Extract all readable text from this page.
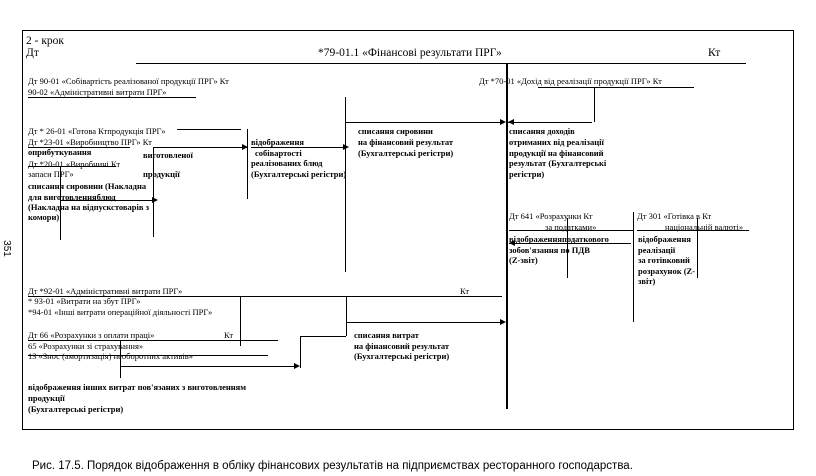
2 - крок
Дт	*79-01.1 «Фінансові результати ПРГ»	Кт
Дт 90-01 «Собівартість реалізованої продукції ПРГ» Кт
90-02 «Адміністративні витрати ПРГ»
Дт *70-01 «Дохід від реалізації продукції ПРГ» Кт
Дт * 26-01 «Готова Ктпродукція ПРГ»
Дт *23-01 «Виробництво ПРГ» Кт
оприбуткування
Дт *20-01 «Виробничі Кт
запаси ПРГ»
виготовленої
продукції
списання сировини (Накладна
для виготовленняблюд
(Накладна на відпускстоварів з
комори)
відображення
собівартості
реалізованих блюд
(Бухгалтерські регістри)
списання сировини
на фінансовий результат
(Бухгалтерські регістри)
списання доходів
отриманих від реалізації
продукції на фінансовий
результат (Бухгалтерські
регістри)
Дт 641 «Розрахунки Кт
за податками»
відображенняподаткового
зобов'язання по ПДВ
(Z-звіт)
Дт 301 «Готівка в Кт
національній валюті»
відображення
реалізації
за готівковий
розрахунок (Z-
звіт)
Дт *92-01 «Адміністративні витрати ПРГ»	Кт
* 93-01 «Витрати на збут ПРГ»
*94-01 «Інші витрати операційної діяльності ПРГ»
Дт 66 «Розрахунки з оплати праці»	Кт
65 «Розрахунки зі страхування»
13 «Знос (амортизація) необоротних активів»
списання витрат
на фінансовий результат
(Бухгалтерські регістри)
відображення інших витрат пов'язаних з виготовленням
продукції
(Бухгалтерські регістри)
351
Рис. 17.5. Порядок відображення в обліку фінансових результатів на підприємствах ресторанного господарства.
